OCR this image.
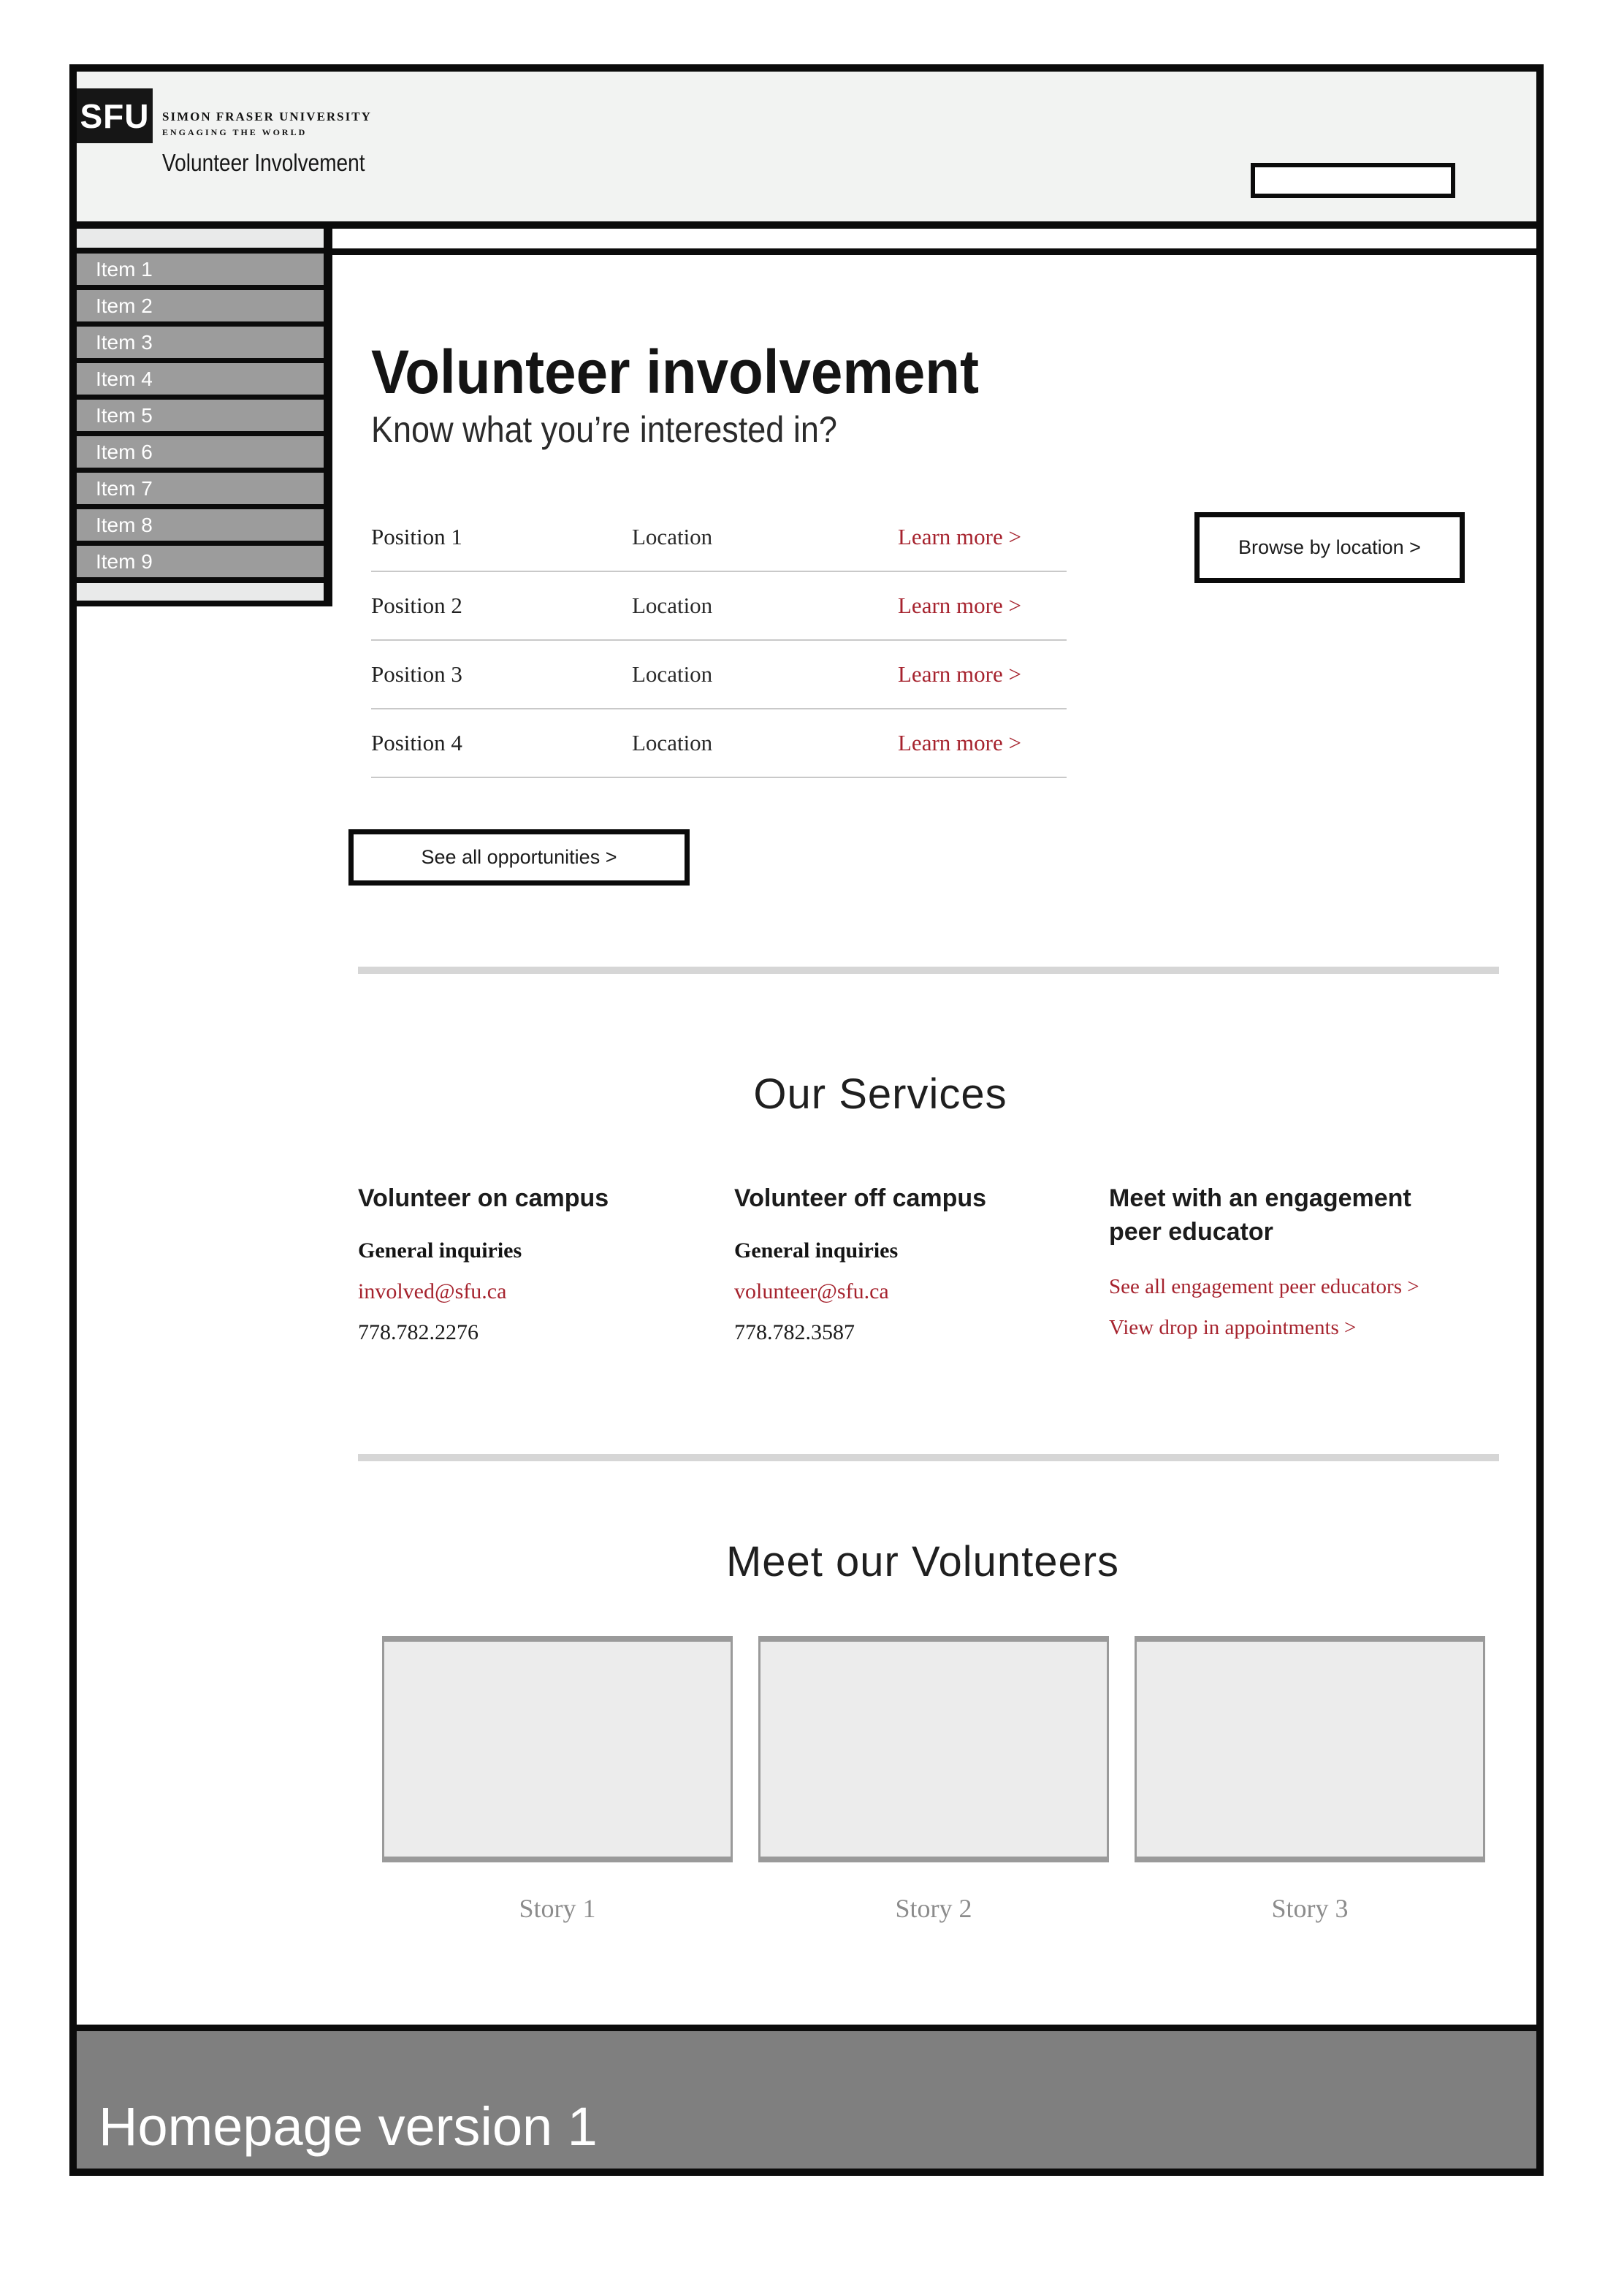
SFU SIMON FRASER UNIVERSITY
ENGAGING THE WORLD
Volunteer Involvement
Item 1
Item 2
Item 3
Item 4
Item 5
Item 6
Item 7
Item 8
Item 9
Volunteer involvement
Know what you’re interested in?
Position 1	Location	Learn more >
Position 2	Location	Learn more >
Position 3	Location	Learn more >
Position 4	Location	Learn more >
Browse by location >
See all opportunities >
Our Services
Volunteer on campus
General inquiries
involved@sfu.ca
778.782.2276
Volunteer off campus
General inquiries
volunteer@sfu.ca
778.782.3587
Meet with an engagement peer educator
See all engagement peer educators >
View drop in appointments >
Meet our Volunteers
Story 1	Story 2	Story 3
Homepage version 1
